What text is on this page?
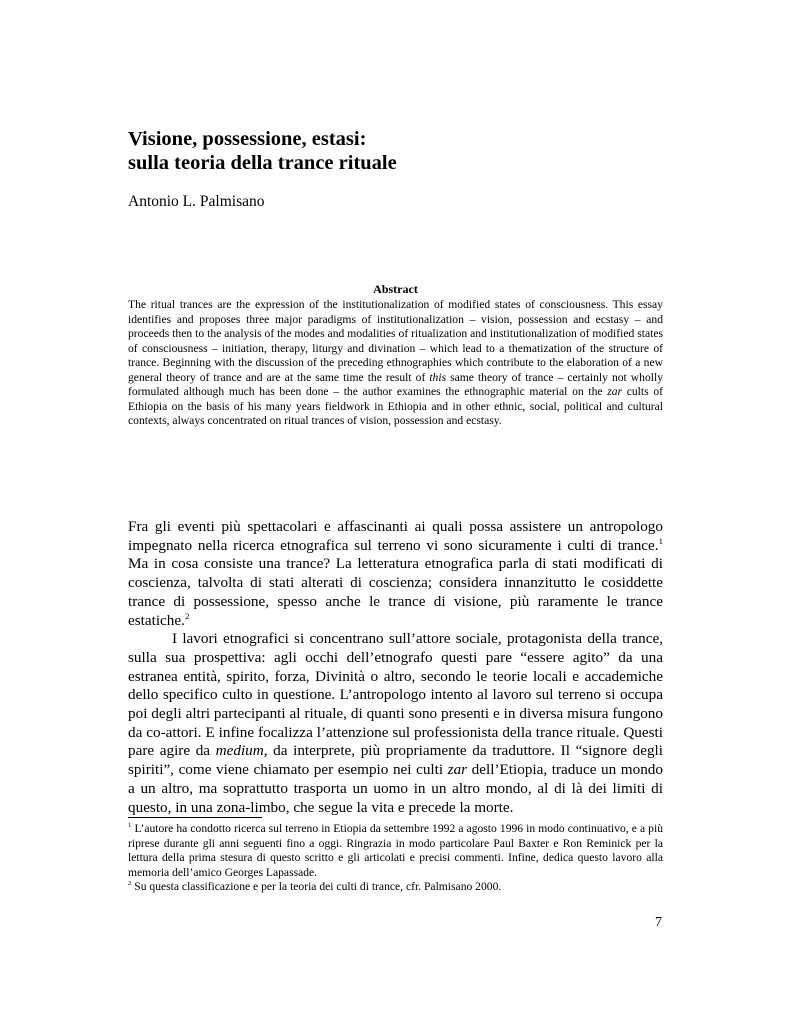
Visione, possessione, estasi:
sulla teoria della trance rituale
Antonio L. Palmisano
Abstract
The ritual trances are the expression of the institutionalization of modified states of consciousness. This essay identifies and proposes three major paradigms of institutionalization – vision, possession and ecstasy – and proceeds then to the analysis of the modes and modalities of ritualization and institutionalization of modified states of consciousness – initiation, therapy, liturgy and divination – which lead to a thematization of the structure of trance. Beginning with the discussion of the preceding ethnographies which contribute to the elaboration of a new general theory of trance and are at the same time the result of this same theory of trance – certainly not wholly formulated although much has been done – the author examines the ethnographic material on the zar cults of Ethiopia on the basis of his many years fieldwork in Ethiopia and in other ethnic, social, political and cultural contexts, always concentrated on ritual trances of vision, possession and ecstasy.

Fra gli eventi più spettacolari e affascinanti ai quali possa assistere un antropologo impegnato nella ricerca etnografica sul terreno vi sono sicuramente i culti di trance.$^1$ Ma in cosa consiste una trance? La letteratura etnografica parla di stati modificati di coscienza, talvolta di stati alterati di coscienza; considera innanzitutto le cosiddette trance di possessione, spesso anche le trance di visione, più raramente le trance estatiche.$^2$

I lavori etnografici si concentrano sull’attore sociale, protagonista della trance, sulla sua prospettiva: agli occhi dell’etnografo questi pare “essere agito” da una estranea entità, spirito, forza, Divinità o altro, secondo le teorie locali e accademiche dello specifico culto in questione. L’antropologo intento al lavoro sul terreno si occupa poi degli altri partecipanti al rituale, di quanti sono presenti e in diversa misura fungono da co-attori. E infine focalizza l’attenzione sul professionista della trance rituale. Questi pare agire da medium, da interprete, più propriamente da traduttore. Il “signore degli spiriti”, come viene chiamato per esempio nei culti zar dell’Etiopia, traduce un mondo a un altro, ma soprattutto trasporta un uomo in un altro mondo, al di là dei limiti di questo, in una zona-limbo, che segue la vita e precede la morte.

$^1$ L’autore ha condotto ricerca sul terreno in Etiopia da settembre 1992 a agosto 1996 in modo continuativo, e a più riprese durante gli anni seguenti fino a oggi. Ringrazia in modo particolare Paul Baxter e Ron Reminick per la lettura della prima stesura di questo scritto e gli articolati e precisi commenti. Infine, dedica questo lavoro alla memoria dell’amico Georges Lapassade.

$^2$ Su questa classificazione e per la teoria dei culti di trance, cfr. Palmisano 2000.

7
